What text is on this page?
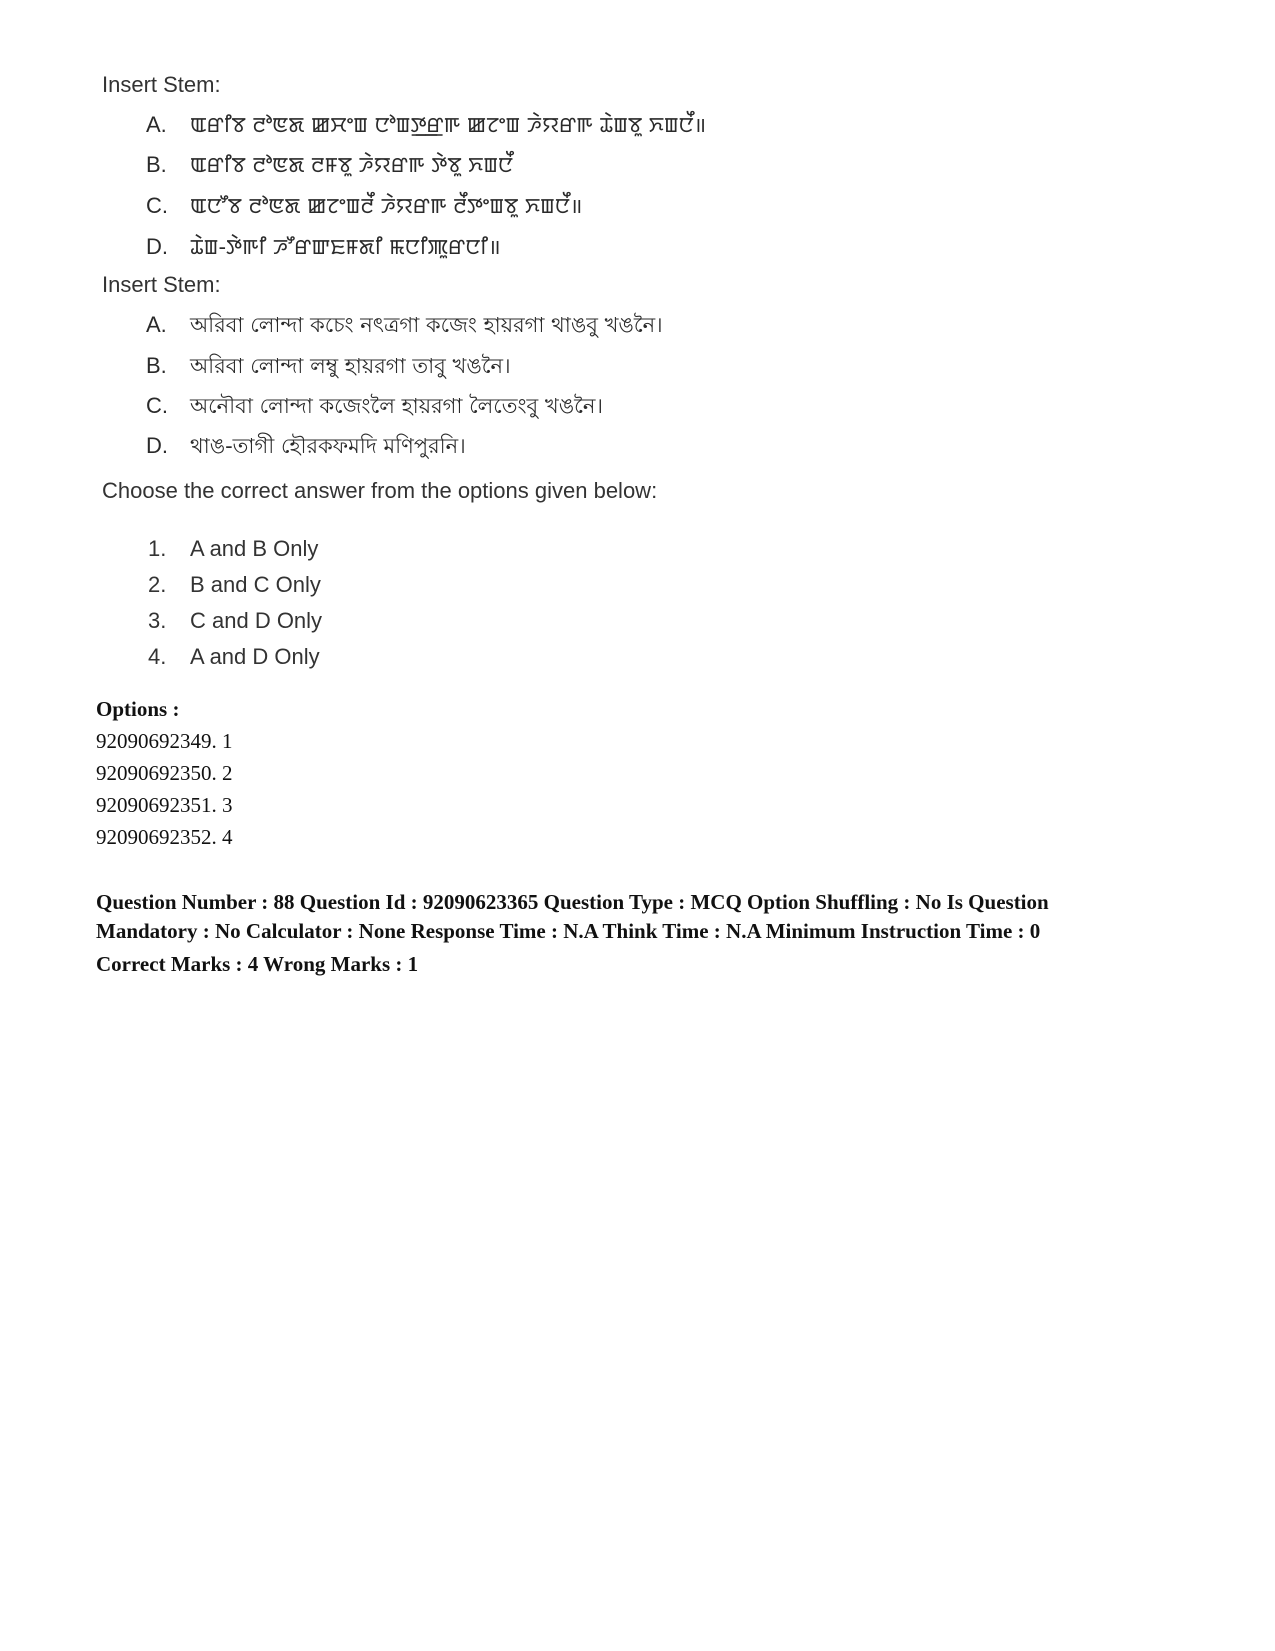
Insert Stem:
A. ꯑꯔꯤꯕ ꯂꯣꯟꯗ ꯀꯆꯦꯡ ꯅꯣꯡꯇ꯭ꯔꯒ ꯀꯖꯦꯡ ꯍꯥꯌꯔꯒ ꯊꯥꯡꯕꯨ ꯈꯡꯅꯩ॥
B. ꯑꯔꯤꯕ ꯂꯣꯟꯗ ꯂꯝꯕꯨ ꯍꯥꯌꯔꯒ ꯇꯥꯕꯨ ꯈꯡꯅꯩ
C. ꯑꯅꯧꯕ ꯂꯣꯟꯗ ꯀꯖꯦꯡꯂꯩ ꯍꯥꯌꯔꯒ ꯂꯩꯇꯦꯡꯕꯨ ꯈꯡꯅꯩ॥
D. ꯊꯥꯡ-ꯇꯥꯒꯤ ꯍꯧꯔꯛꯐꯝꯗꯤ ꯃꯅꯤꯄꯨꯔꯅꯤ॥
Insert Stem:
A. অরিবা লোন্দা কচেং নৎত্রগা কজেং হায়রগা থাঙবু খঙনৈ।
B. অরিবা লোন্দা লম্বু হায়রগা তাবু খঙনৈ।
C. অনৌবা লোন্দা কজেংলৈ হায়রগা লৈতেংবু খঙনৈ।
D. থাঙ-তাগী হৌরকফমদি মণিপুরনি।
Choose the correct answer from the options given below:
1. A and B Only
2. B and C Only
3. C and D Only
4. A and D Only
Options :
92090692349. 1
92090692350. 2
92090692351. 3
92090692352. 4
Question Number : 88 Question Id : 92090623365 Question Type : MCQ Option Shuffling : No Is Question
Mandatory : No Calculator : None Response Time : N.A Think Time : N.A Minimum Instruction Time : 0
Correct Marks : 4 Wrong Marks : 1
